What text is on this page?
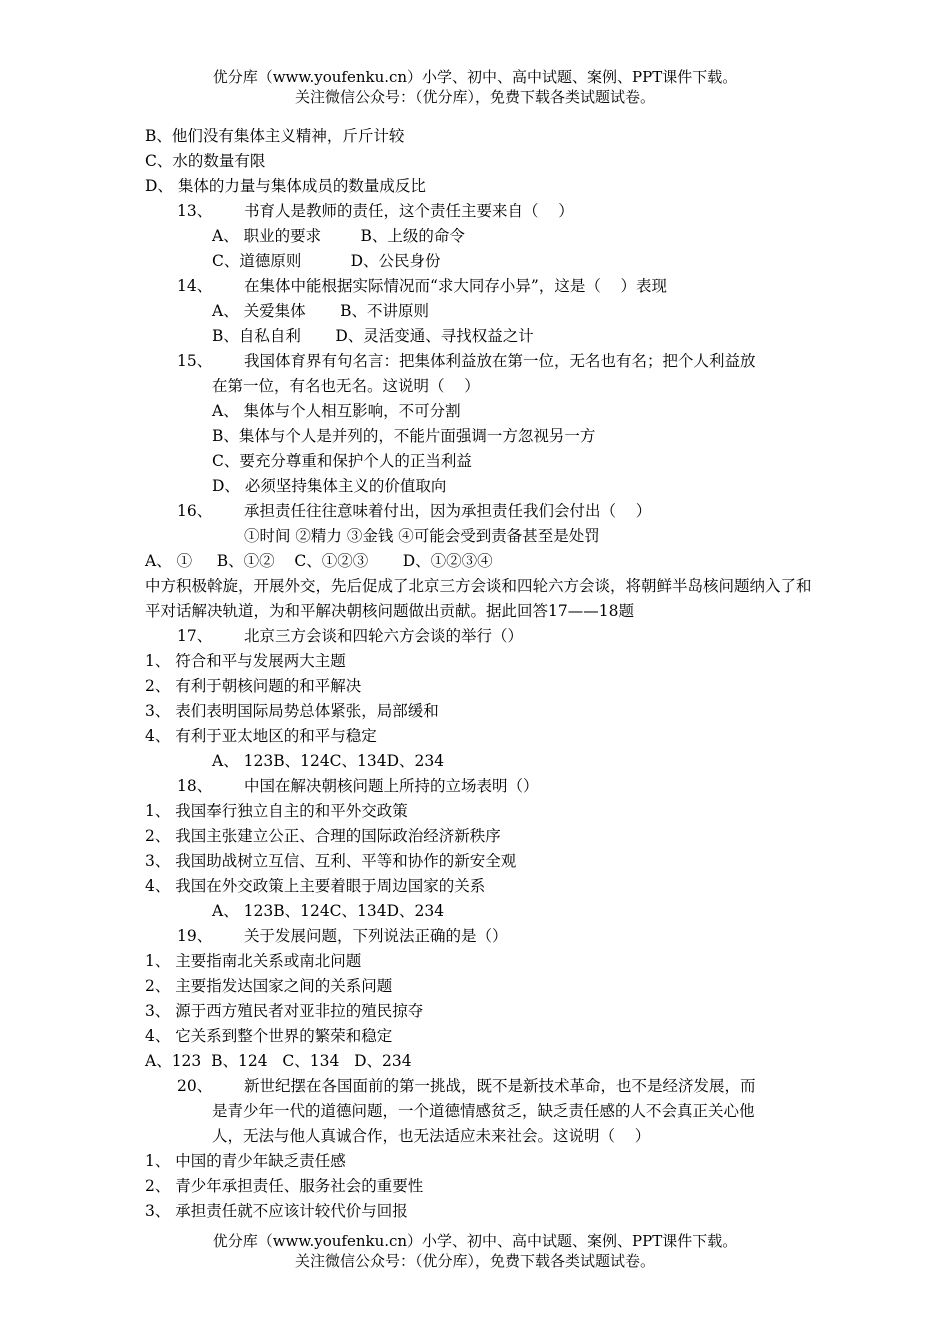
优分库（www.youfenku.cn）小学、初中、高中试题、案例、PPT课件下载。
关注微信公众号：（优分库），免费下载各类试题试卷。
B、他们没有集体主义精神，斤斤计较
C、水的数量有限
D、 集体的力量与集体成员的数量成反比
13、 书育人是教师的责任，这个责任主要来自（    ）
A、 职业的要求        B、上级的命令
C、道德原则          D、公民身份
14、 在集体中能根据实际情况而“求大同存小异”，这是（    ）表现
A、 关爱集体       B、不讲原则
B、自私自利       D、灵活变通、寻找权益之计
15、 我国体育界有句名言：把集体利益放在第一位，无名也有名；把个人利益放
在第一位，有名也无名。这说明（    ）
A、 集体与个人相互影响，不可分割
B、集体与个人是并列的，不能片面强调一方忽视另一方
C、要充分尊重和保护个人的正当利益
D、 必须坚持集体主义的价值取向
16、 承担责任往往意味着付出，因为承担责任我们会付出（    ）
①时间 ②精力 ③金钱 ④可能会受到责备甚至是处罚
A、 ①     B、①②    C、①②③       D、①②③④
中方积极斡旋，开展外交，先后促成了北京三方会谈和四轮六方会谈，将朝鲜半岛核问题纳入了和平对话解决轨道，为和平解决朝核问题做出贡献。据此回答17——18题
17、 北京三方会谈和四轮六方会谈的举行（）
1、 符合和平与发展两大主题
2、 有利于朝核问题的和平解决
3、 表们表明国际局势总体紧张，局部缓和
4、 有利于亚太地区的和平与稳定
A、 123B、124C、134D、234
18、 中国在解决朝核问题上所持的立场表明（）
1、 我国奉行独立自主的和平外交政策
2、 我国主张建立公正、合理的国际政治经济新秩序
3、 我国助战树立互信、互利、平等和协作的新安全观
4、 我国在外交政策上主要着眼于周边国家的关系
A、 123B、124C、134D、234
19、 关于发展问题，下列说法正确的是（）
1、 主要指南北关系或南北问题
2、 主要指发达国家之间的关系问题
3、 源于西方殖民者对亚非拉的殖民掠夺
4、 它关系到整个世界的繁荣和稳定
A、123  B、124   C、134   D、234
20、 新世纪摆在各国面前的第一挑战，既不是新技术革命，也不是经济发展，而
是青少年一代的道德问题，一个道德情感贫乏，缺乏责任感的人不会真正关心他
人，无法与他人真诚合作，也无法适应未来社会。这说明（    ）
1、 中国的青少年缺乏责任感
2、 青少年承担责任、服务社会的重要性
3、 承担责任就不应该计较代价与回报
优分库（www.youfenku.cn）小学、初中、高中试题、案例、PPT课件下载。
关注微信公众号：（优分库），免费下载各类试题试卷。
